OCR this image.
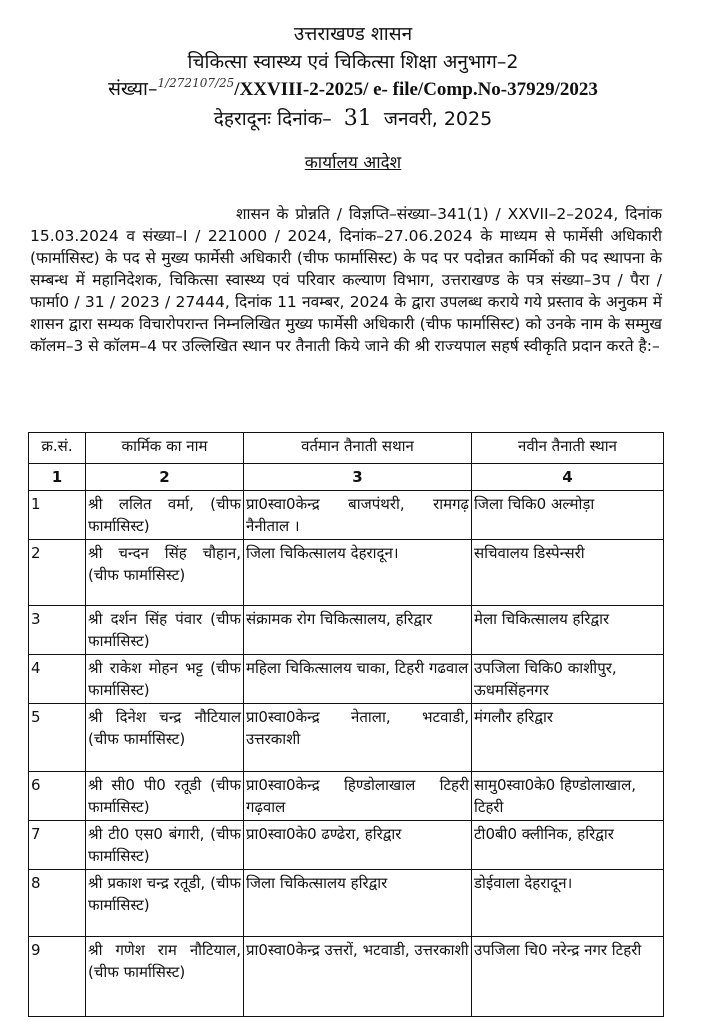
उत्तराखण्ड शासन
चिकित्सा स्वास्थ्य एवं चिकित्सा शिक्षा अनुभाग–2
संख्या–$^{1/272107/25}$/XXVIII-2-2025/ e- file/Comp.No-37929/2023
देहरादूनः दिनांक– 31 जनवरी, 2025
कार्यालय आदेश
शासन के प्रोन्नति / विज्ञप्ति–संख्या–341(1) / XXVII–2–2024, दिनांक 15.03.2024 व संख्या–I / 221000 / 2024, दिनांक–27.06.2024 के माध्यम से फार्मेसी अधिकारी (फार्मासिस्ट) के पद से मुख्य फार्मेसी अधिकारी (चीफ फार्मासिस्ट) के पद पर पदोन्नत कार्मिकों की पद स्थापना के सम्बन्ध में महानिदेशक, चिकित्सा स्वास्थ्य एवं परिवार कल्याण विभाग, उत्तराखण्ड के पत्र संख्या–3प / पैरा / फार्मा0 / 31 / 2023 / 27444, दिनांक 11 नवम्बर, 2024 के द्वारा उपलब्ध कराये गये प्रस्ताव के अनुकम में शासन द्वारा सम्यक विचारोपरान्त निम्नलिखित मुख्य फार्मेसी अधिकारी (चीफ फार्मासिस्ट) को उनके नाम के सम्मुख कॉलम–3 से कॉलम–4 पर उल्लिखित स्थान पर तैनाती किये जाने की श्री राज्यपाल सहर्ष स्वीकृति प्रदान करते है:–
क्र.सं.	कार्मिक का नाम	वर्तमान तैनाती सथान	नवीन तैनाती स्थान
1	2	3	4
1	श्री ललित वर्मा, (चीफ फार्मासिस्ट)	प्रा0स्वा0केन्द्र बाजपंथरी, रामगढ़ नैनीताल ।	जिला चिकि0 अल्मोड़ा
2	श्री चन्दन सिंह चौहान, (चीफ फार्मासिस्ट)	जिला चिकित्सालय देहरादून।	सचिवालय डिस्पेन्सरी
3	श्री दर्शन सिंह पंवार (चीफ फार्मासिस्ट)	संक्रामक रोग चिकित्सालय, हरिद्वार	मेला चिकित्सालय हरिद्वार
4	श्री राकेश मोहन भट्ट (चीफ फार्मासिस्ट)	महिला चिकित्सालय चाका, टिहरी गढवाल	उपजिला चिकि0 काशीपुर, ऊधमसिंहनगर
5	श्री दिनेश चन्द्र नौटियाल (चीफ फार्मासिस्ट)	प्रा0स्वा0केन्द्र नेताला, भटवाडी, उत्तरकाशी	मंगलौर हरिद्वार
6	श्री सी0 पी0 रतूडी (चीफ फार्मासिस्ट)	प्रा0स्वा0केन्द्र हिण्डोलाखाल टिहरी गढ़वाल	सामु0स्वा0के0 हिण्डोलाखाल, टिहरी
7	श्री टी0 एस0 बंगारी, (चीफ फार्मासिस्ट)	प्रा0स्वा0के0 ढण्ढेरा, हरिद्वार	टी0बी0 क्लीनिक, हरिद्वार
8	श्री प्रकाश चन्द्र रतूडी, (चीफ फार्मासिस्ट)	जिला चिकित्सालय हरिद्वार	डोईवाला देहरादून।
9	श्री गणेश राम नौटियाल, (चीफ फार्मासिस्ट)	प्रा0स्वा0केन्द्र उत्तरों, भटवाडी, उत्तरकाशी	उपजिला चि0 नरेन्द्र नगर टिहरी
